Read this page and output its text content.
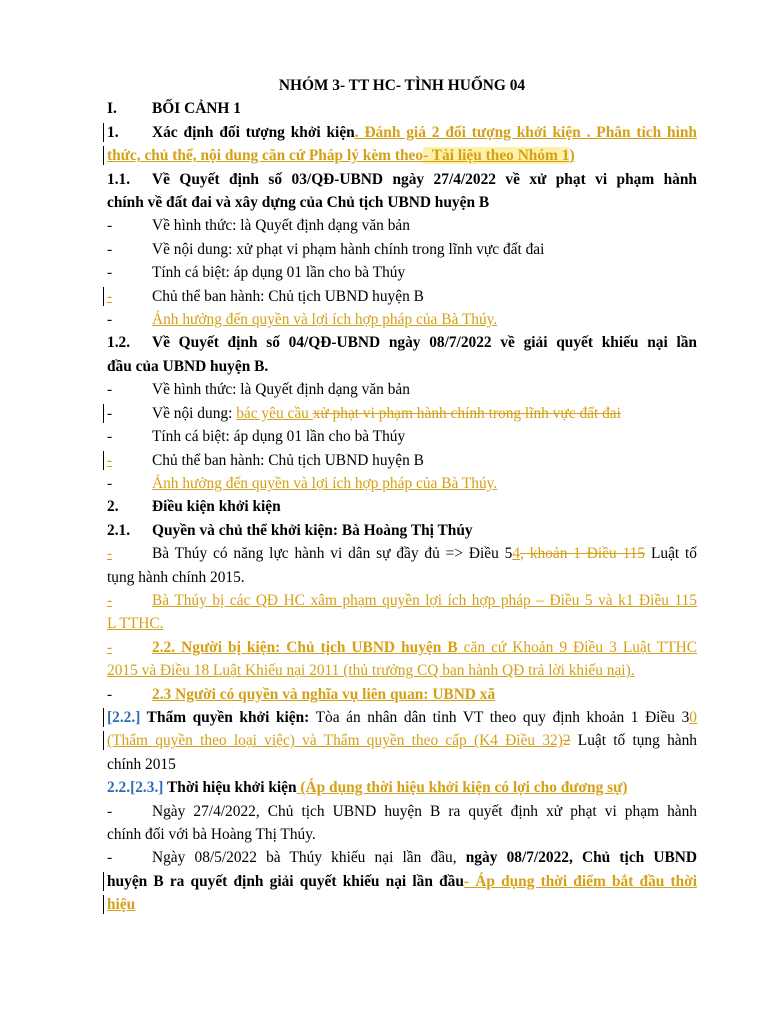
NHÓM 3- TT HC- TÌNH HUỐNG 04
I. BỐI CẢNH 1
1. Xác định đối tượng khởi kiện. Đánh giá 2 đối tượng khởi kiện . Phân tích hình
thức, chủ thể, nội dung căn cứ Pháp lý kèm theo- Tài liệu theo Nhóm 1)
1.1. Về Quyết định số 03/QĐ-UBND ngày 27/4/2022 về xử phạt vi phạm hành
chính về đất đai và xây dựng của Chủ tịch UBND huyện B
-	Về hình thức: là Quyết định dạng văn bản
-	Về nội dung: xử phạt vi phạm hành chính trong lĩnh vực đất đai
-	Tính cá biệt: áp dụng 01 lần cho bà Thúy
-	Chủ thể ban hành: Chủ tịch UBND huyện B
-	Ảnh hưởng đến quyền và lợi ích hợp pháp của Bà Thúy.
1.2. Về Quyết định số 04/QĐ-UBND ngày 08/7/2022 về giải quyết khiếu nại lần
đầu của UBND huyện B.
-	Về hình thức: là Quyết định dạng văn bản
-	Về nội dung: bác yêu cầu xử phạt vi phạm hành chính trong lĩnh vực đất đai
-	Tính cá biệt: áp dụng 01 lần cho bà Thúy
-	Chủ thể ban hành: Chủ tịch UBND huyện B
-	Ảnh hưởng đến quyền và lợi ích hợp pháp của Bà Thúy.
2. Điều kiện khởi kiện
2.1. Quyền và chủ thể khởi kiện: Bà Hoàng Thị Thúy
-	Bà Thúy có năng lực hành vi dân sự đầy đủ => Điều 54, khoản 1 Điều 115 Luật tố
tụng hành chính 2015.
-	Bà Thúy bị các QĐ HC xâm phạm quyền lợi ích hợp pháp – Điều 5 và k1 Điều 115
L TTHC.
-	2.2. Người bị kiện: Chủ tịch UBND huyện B căn cứ Khoản 9 Điều 3 Luật TTHC
2015 và Điều 18 Luật Khiếu nại 2011 (thủ trưởng CQ ban hành QĐ trả lời khiếu nại).
-	2.3 Người có quyền và nghĩa vụ liên quan: UBND xã
[2.2.] Thẩm quyền khởi kiện: Tòa án nhân dân tỉnh VT theo quy định khoản 1 Điều 30
(Thẩm quyền theo loại việc) và Thẩm quyền theo cấp (K4 Điều 32)2 Luật tố tụng hành
chính 2015
2.2.[2.3.] Thời hiệu khởi kiện (Áp dụng thời hiệu khởi kiện có lợi cho đương sự)
-	Ngày 27/4/2022, Chủ tịch UBND huyện B ra quyết định xử phạt vi phạm hành
chính đối với bà Hoàng Thị Thúy.
-	Ngày 08/5/2022 bà Thúy khiếu nại lần đầu, ngày 08/7/2022, Chủ tịch UBND
huyện B ra quyết định giải quyết khiếu nại lần đầu- Áp dụng thời điểm bắt đầu thời
hiệu
